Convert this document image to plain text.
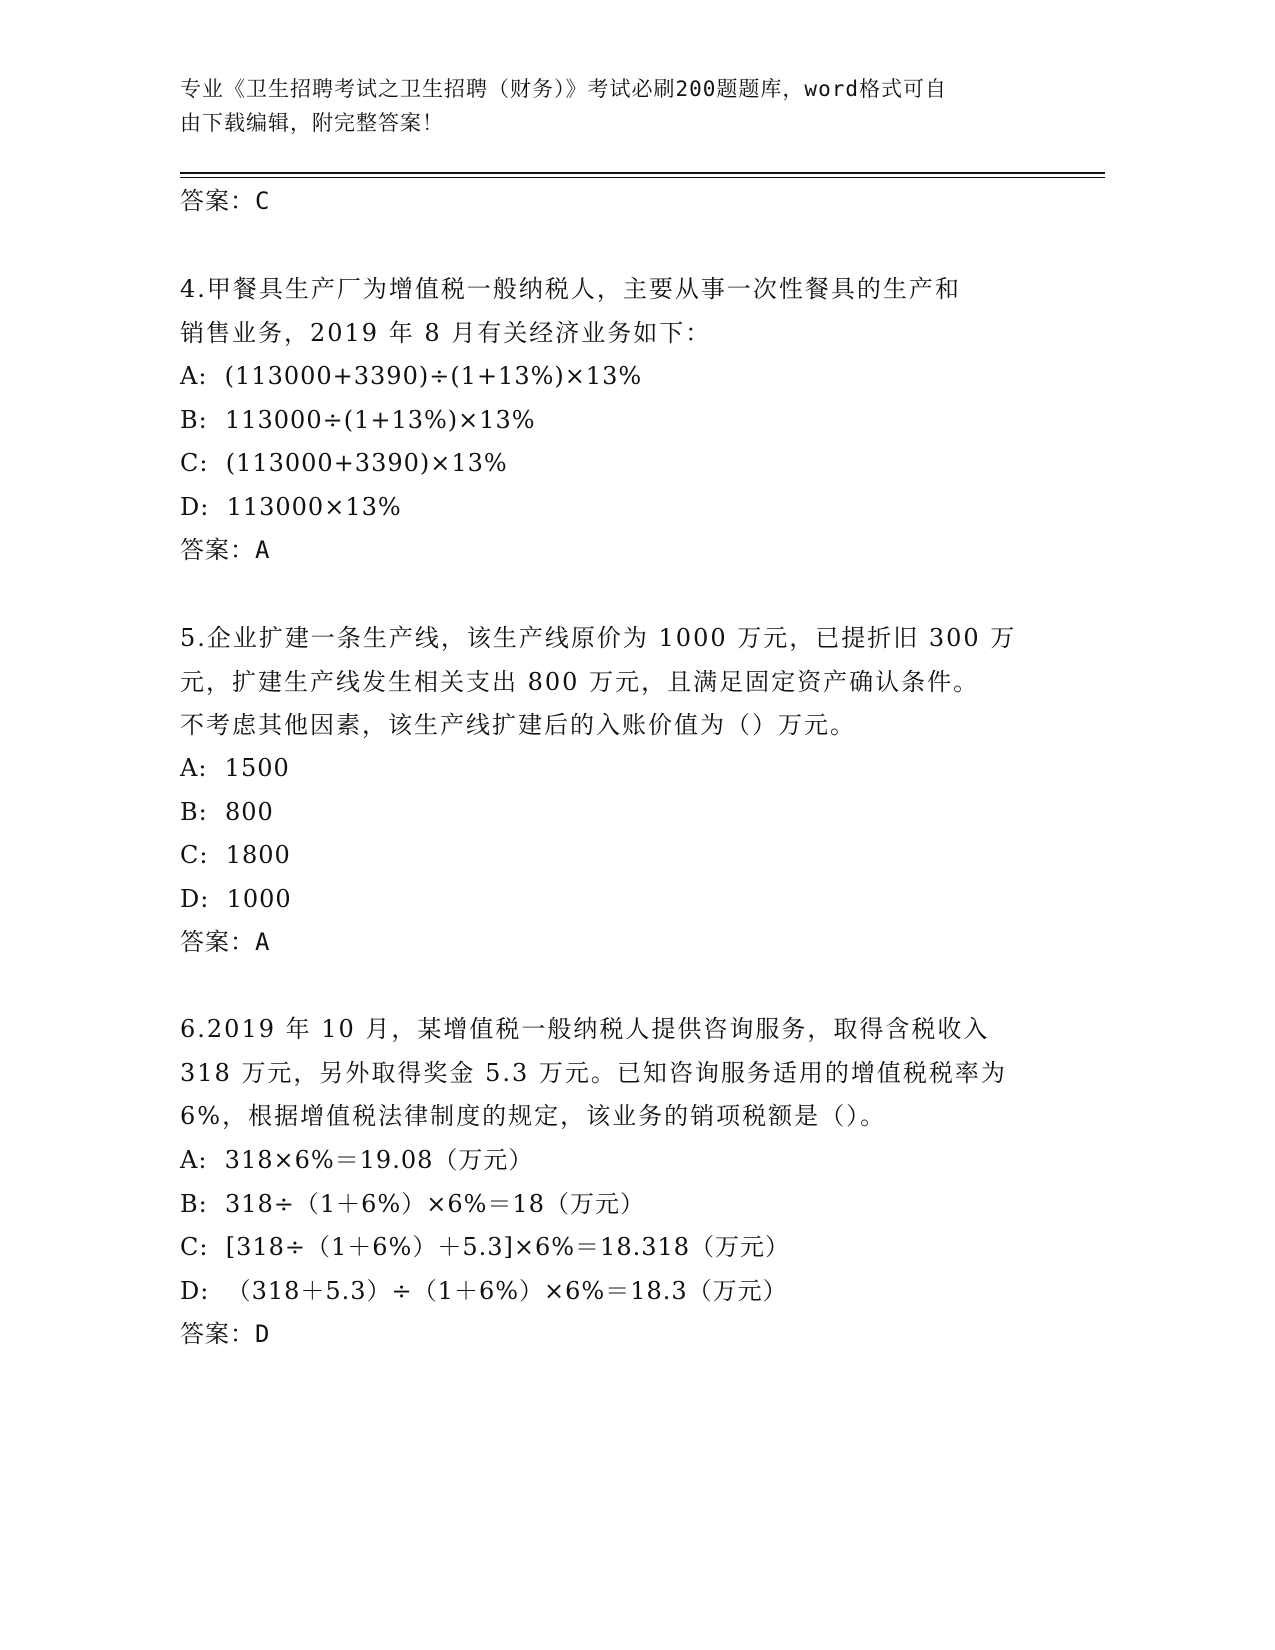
专业《卫生招聘考试之卫生招聘（财务）》考试必刷200题题库，word格式可自
由下载编辑，附完整答案！
答案：C

4.甲餐具生产厂为增值税一般纳税人，主要从事一次性餐具的生产和

销售业务，2019 年 8 月有关经济业务如下：

A:  (113000+3390)÷(1+13%)×13%
B:  113000÷(1+13%)×13%
C:  (113000+3390)×13%
D:  113000×13%
答案：A

5.企业扩建一条生产线，该生产线原价为 1000 万元，已提折旧 300 万

元，扩建生产线发生相关支出 800 万元，且满足固定资产确认条件。

不考虑其他因素，该生产线扩建后的入账价值为（）万元。

A:  1500
B:  800
C:  1800
D:  1000
答案：A

6.2019 年 10 月，某增值税一般纳税人提供咨询服务，取得含税收入

318 万元，另外取得奖金 5.3 万元。已知咨询服务适用的增值税税率为

6%，根据增值税法律制度的规定，该业务的销项税额是（）。

A:  318×6%＝19.08（万元）
B:  318÷（1＋6%）×6%＝18（万元）
C:  [318÷（1＋6%）＋5.3]×6%＝18.318（万元）
D:  （318＋5.3）÷（1＋6%）×6%＝18.3（万元）
答案：D
